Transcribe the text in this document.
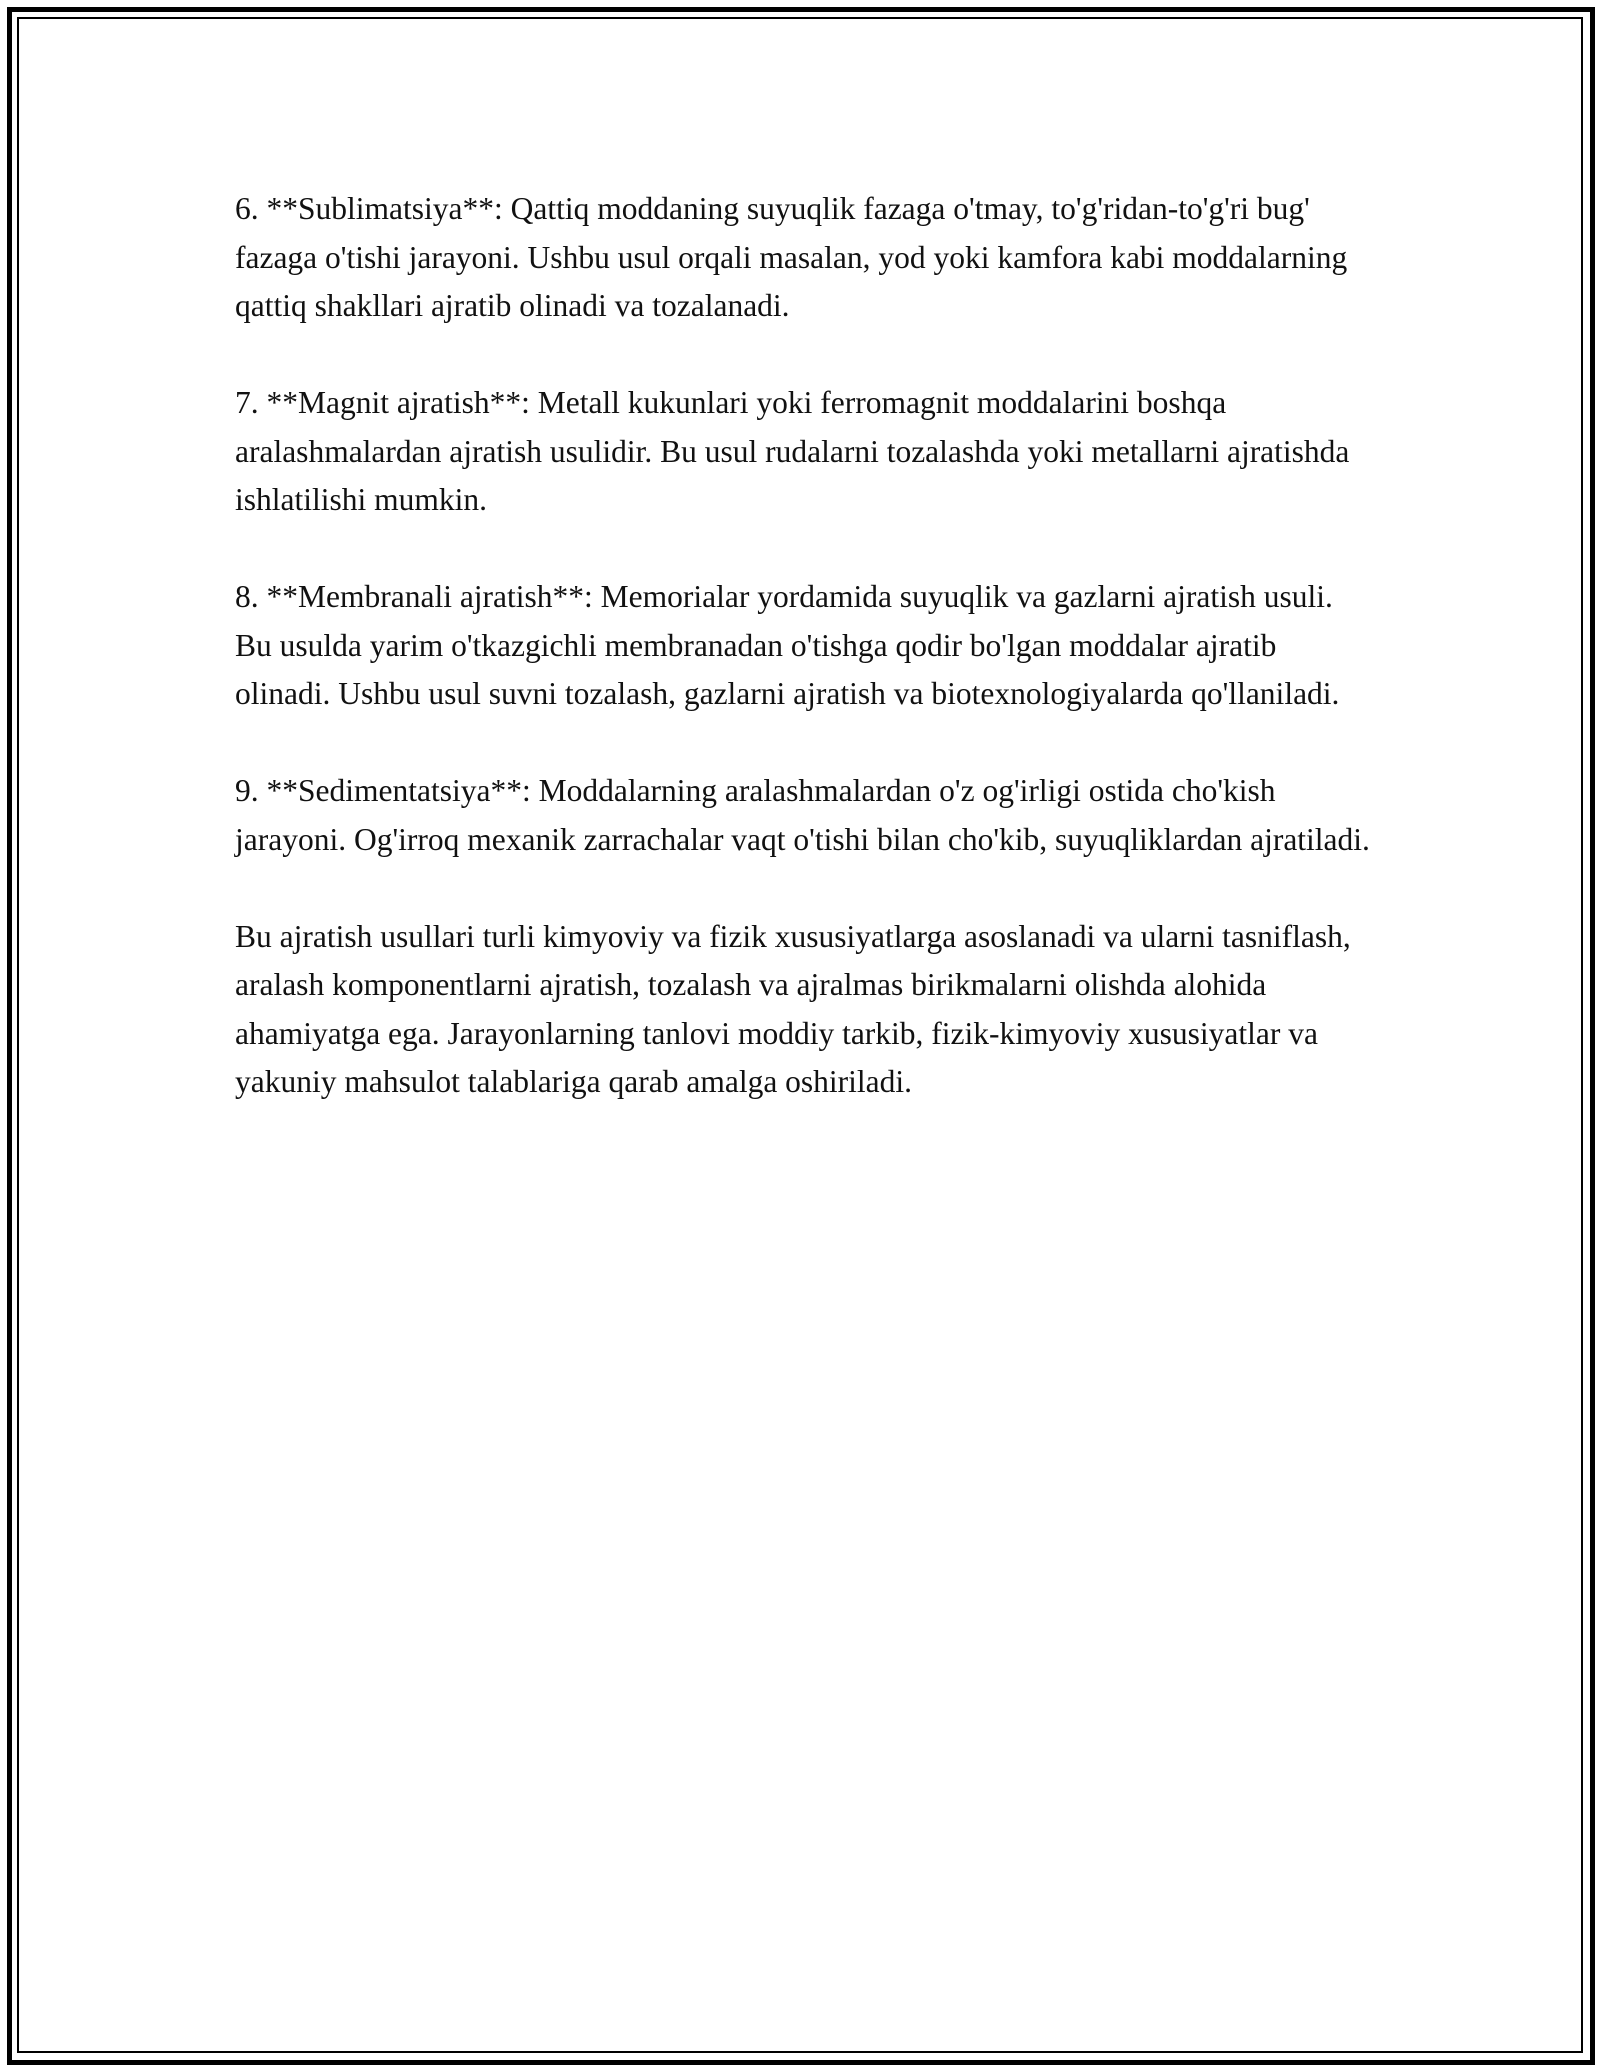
6. **Sublimatsiya**: Qattiq moddaning suyuqlik fazaga o'tmay, to'g'ridan-to'g'ri bug' fazaga o'tishi jarayoni. Ushbu usul orqali masalan, yod yoki kamfora kabi moddalarning qattiq shakllari ajratib olinadi va tozalanadi.

7. **Magnit ajratish**: Metall kukunlari yoki ferromagnit moddalarini boshqa aralashmalardan ajratish usulidir. Bu usul rudalarni tozalashda yoki metallarni ajratishda ishlatilishi mumkin.

8. **Membranali ajratish**: Memorialar yordamida suyuqlik va gazlarni ajratish usuli. Bu usulda yarim o'tkazgichli membranadan o'tishga qodir bo'lgan moddalar ajratib olinadi. Ushbu usul suvni tozalash, gazlarni ajratish va biotexnologiyalarda qo'llaniladi.

9. **Sedimentatsiya**: Moddalarning aralashmalardan o'z og'irligi ostida cho'kish jarayoni. Og'irroq mexanik zarrachalar vaqt o'tishi bilan cho'kib, suyuqliklardan ajratiladi.

Bu ajratish usullari turli kimyoviy va fizik xususiyatlarga asoslanadi va ularni tasniflash, aralash komponentlarni ajratish, tozalash va ajralmas birikmalarni olishda alohida ahamiyatga ega. Jarayonlarning tanlovi moddiy tarkib, fizik-kimyoviy xususiyatlar va yakuniy mahsulot talablariga qarab amalga oshiriladi.
